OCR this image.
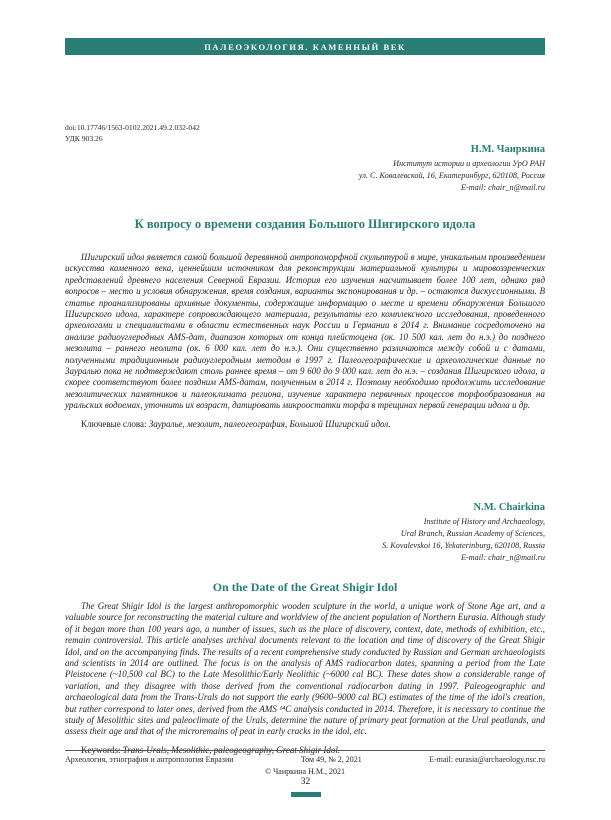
ПАЛЕОЭКОЛОГИЯ. КАМЕННЫЙ ВЕК
doi:10.17746/1563-0102.2021.49.2.032-042
УДК 903.26
Н.М. Чаиркина
Институт истории и археологии УрО РАН
ул. С. Ковалевской, 16, Екатеринбург, 620108, Россия
E-mail: chair_n@mail.ru
К вопросу о времени создания Большого Шигирского идола

Шигирский идол является самой большой деревянной антропоморфной скульптурой в мире, уникальным произведением искусства каменного века, ценнейшим источником для реконструкции материальной культуры и мировоззренческих представлений древнего населения Северной Евразии. История его изучения насчитывает более 100 лет, однако ряд вопросов – место и условия обнаружения, время создания, варианты экспонирования и др. – остаются дискуссионными. В статье проанализированы архивные документы, содержащие информацию о месте и времени обнаружения Большого Шигирского идола, характере сопровождающего материала, результаты его комплексного исследования, проведенного археологами и специалистами в области естественных наук России и Германии в 2014 г. Внимание сосредоточено на анализе радиоуглеродных AMS-дат, диапазон которых от конца плейстоцена (ок. 10 500 кал. лет до н.э.) до позднего мезолита – раннего неолита (ок. 6 000 кал. лет до н.э.). Они существенно различаются между собой и с датами, полученными традиционным радиоуглеродным методом в 1997 г. Палеогеографические и археологические данные по Зауралью пока не подтверждают столь раннее время – от 9 600 до 9 000 кал. лет до н.э. – создания Шигирского идола, а скорее соответствуют более поздним AMS-датам, полученным в 2014 г. Поэтому необходимо продолжить исследование мезолитических памятников и палеоклимата региона, изучение характера первичных процессов торфообразования на уральских водоемах, уточнить их возраст, датировать микроостатки торфа в трещинах первой генерации идола и др.

Ключевые слова: Зауралье, мезолит, палеогеография, Большой Шигирский идол.

N.M. Chairkina
Institute of History and Archaeology,
Ural Branch, Russian Academy of Sciences,
S. Kovalevskoi 16, Yekaterinburg, 620108, Russia
E-mail: chair_n@mail.ru
On the Date of the Great Shigir Idol

The Great Shigir Idol is the largest anthropomorphic wooden sculpture in the world, a unique work of Stone Age art, and a valuable source for reconstructing the material culture and worldview of the ancient population of Northern Eurasia. Although study of it began more than 100 years ago, a number of issues, such as the place of discovery, context, date, methods of exhibition, etc., remain controversial. This article analyses archival documents relevant to the location and time of discovery of the Great Shigir Idol, and on the accompanying finds. The results of a recent comprehensive study conducted by Russian and German archaeologists and scientists in 2014 are outlined. The focus is on the analysis of AMS radiocarbon dates, spanning a period from the Late Pleistocene (~10,500 cal BC) to the Late Mesolithic/Early Neolithic (~6000 cal BC). These dates show a considerable range of variation, and they disagree with those derived from the conventional radiocarbon dating in 1997. Paleogeographic and archaeological data from the Trans-Urals do not support the early (9600–9000 cal BC) estimates of the time of the idol's creation, but rather correspond to later ones, derived from the AMS ¹⁴C analysis conducted in 2014. Therefore, it is necessary to continue the study of Mesolithic sites and paleoclimate of the Urals, determine the nature of primary peat formation at the Ural peatlands, and assess their age and that of the microremains of peat in early cracks in the idol, etc.

Keywords: Trans-Urals, Mesolithic, paleogeography, Great Shigir Idol.

Археология, этнография и антропология Евразии	Том 49, № 2, 2021	E-mail: eurasia@archaeology.nsc.ru
© Чаиркина Н.М., 2021
32
